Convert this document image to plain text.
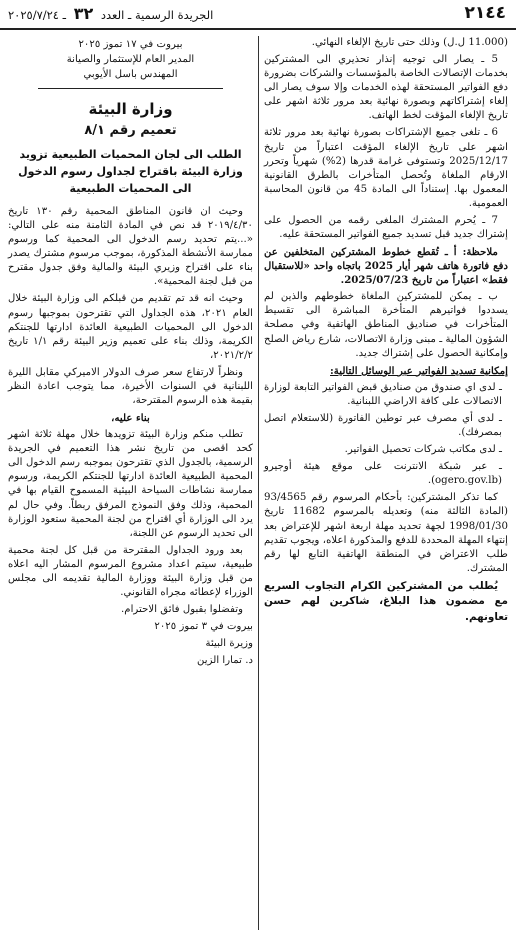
٢١٤٤
الجريدة الرسمية ـ العدد ٣٢ ـ ٢٠٢٥/٧/٢٤

(11.000 ل.ل) وذلك حتى تاريخ الإلغاء النهائي.

5 ـ يصار الى توجيه إنذار تحذيري الى المشتركين بخدمات الإتصالات الخاصة بالمؤسسات والشركات بضرورة دفع الفواتير المستحقة لهذه الخدمات وإلا سوف يصار الى إلغاء إشتراكاتهم وبصورة نهائية بعد مرور ثلاثة اشهر على تاريخ الإلغاء المؤقت لخط الهاتف.

6 ـ تلغى جميع الإشتراكات بصورة نهائية بعد مرور ثلاثة اشهر على تاريخ الإلغاء المؤقت اعتباراً من تاريخ 2025/12/17 وتستوفى غرامة قدرها (2%) شهرياً وتحرر الارقام الملغاة وتُحصل المتأخرات بالطرق القانونية المعمول بها. إستناداً الى المادة 45 من قانون المحاسبة العمومية.

7 ـ يُحرم المشترك الملغى رقمه من الحصول على إشتراك جديد قبل تسديد جميع الفواتير المستحقة عليه.

ملاحظة: أ ـ تُقطع خطوط المشتركين المتخلفين عن دفع فاتورة هاتف شهر أيار 2025 باتجاه واحد «للاستقبال فقط» اعتباراً من تاريخ 2025/07/23.

ب ـ يمكن للمشتركين الملغاة خطوطهم والذين لم يسددوا فواتيرهم المتأخرة المباشرة الى تقسيط المتأخرات في صناديق المناطق الهاتفية وفي مصلحة الشؤون المالية ـ مبنى وزارة الاتصالات، شارع رياض الصلح وإمكانية الحصول على إشتراك جديد.

إمكانية تسديد الفواتير عبر الوسائل التالية:

ـ لدى اي صندوق من صناديق قبض الفواتير التابعة لوزارة الاتصالات على كافة الاراضي اللبنانية.

ـ لدى أي مصرف عبر توطين الفاتورة (للاستعلام اتصل بمصرفك).

ـ لدى مكاتب شركات تحصيل الفواتير.

ـ عبر شبكة الانترنت على موقع هيئة أوجيرو (ogero.gov.lb).

كما تذكر المشتركين: بأحكام المرسوم رقم 93/4565 (المادة الثالثة منه) وتعديله بالمرسوم 11682 تاريخ 1998/01/30 لجهة تحديد مهلة اربعة اشهر للإعتراض بعد إنتهاء المهلة المحددة للدفع والمذكورة اعلاه، ويجوب تقديم طلب الاعتراض في المنطقة الهاتفية التابع لها رقم المشترك.

يُطلب من المشتركين الكرام التجاوب السريع مع مضمون هذا البلاغ، شاكرين لهم حسن تعاونهم.

بيروت في ١٧ تموز ٢٠٢٥

المدير العام للإستثمار والصيانة

المهندس باسل الأيوبي

وزارة البيئة
تعميم رقم ٨/١
الطلب الى لجان المحميات الطبيعية تزويد وزارة البيئة باقتراح لجداول رسوم الدخول الى المحميات الطبيعية

وحيث ان قانون المناطق المحمية رقم ١٣٠ تاريخ ٢٠١٩/٤/٣٠ قد نص في المادة الثامنة منه على التالي: «...يتم تحديد رسم الدخول الى المحمية كما ورسوم ممارسة الأنشطة المذكورة، بموجب مرسوم مشترك يصدر بناء على اقتراح وزيري البيئة والمالية وفق جدول مقترح من قبل لجنة المحمية».

وحيث انه قد تم تقديم من قبلكم الى وزارة البيئة خلال العام ٢٠٢١، هذه الجداول التي تقترحون بموجبها رسوم الدخول الى المحميات الطبيعية العائدة ادارتها للجنتكم الكريمة، وذلك بناء على تعميم وزير البيئة رقم ١/١ تاريخ ٢٠٢١/٢/٢،

ونظراً لارتفاع سعر صرف الدولار الاميركي مقابل الليرة اللبنانية في السنوات الأخيرة، مما يتوجب اعادة النظر بقيمة هذه الرسوم المقترحة،

بناء عليه،

تطلب منكم وزارة البيئة تزويدها خلال مهلة ثلاثة اشهر كحد اقصى من تاريخ نشر هذا التعميم في الجريدة الرسمية، بالجدول الذي تقترحون بموجبه رسم الدخول الى المحمية الطبيعية العائدة ادارتها للجنتكم الكريمة، ورسوم ممارسة نشاطات السياحة البيئية المسموح القيام بها في المحمية، وذلك وفق النموذج المرفق ربطاً. وفي حال لم يرد الى الوزارة أي اقتراح من لجنة المحمية ستعود الوزارة الى تحديد الرسوم عن اللجنة،

بعد ورود الجداول المقترحة من قبل كل لجنة محمية طبيعية، سيتم اعداد مشروع المرسوم المشار اليه اعلاه من قبل وزارة البيئة ووزارة المالية تقديمه الى مجلس الوزراء لإعطائه مجراه القانوني.

وتفضلوا بقبول فائق الاحترام.

بيروت في ٣ تموز ٢٠٢٥

وزيرة البيئة

د. تمارا الزين
